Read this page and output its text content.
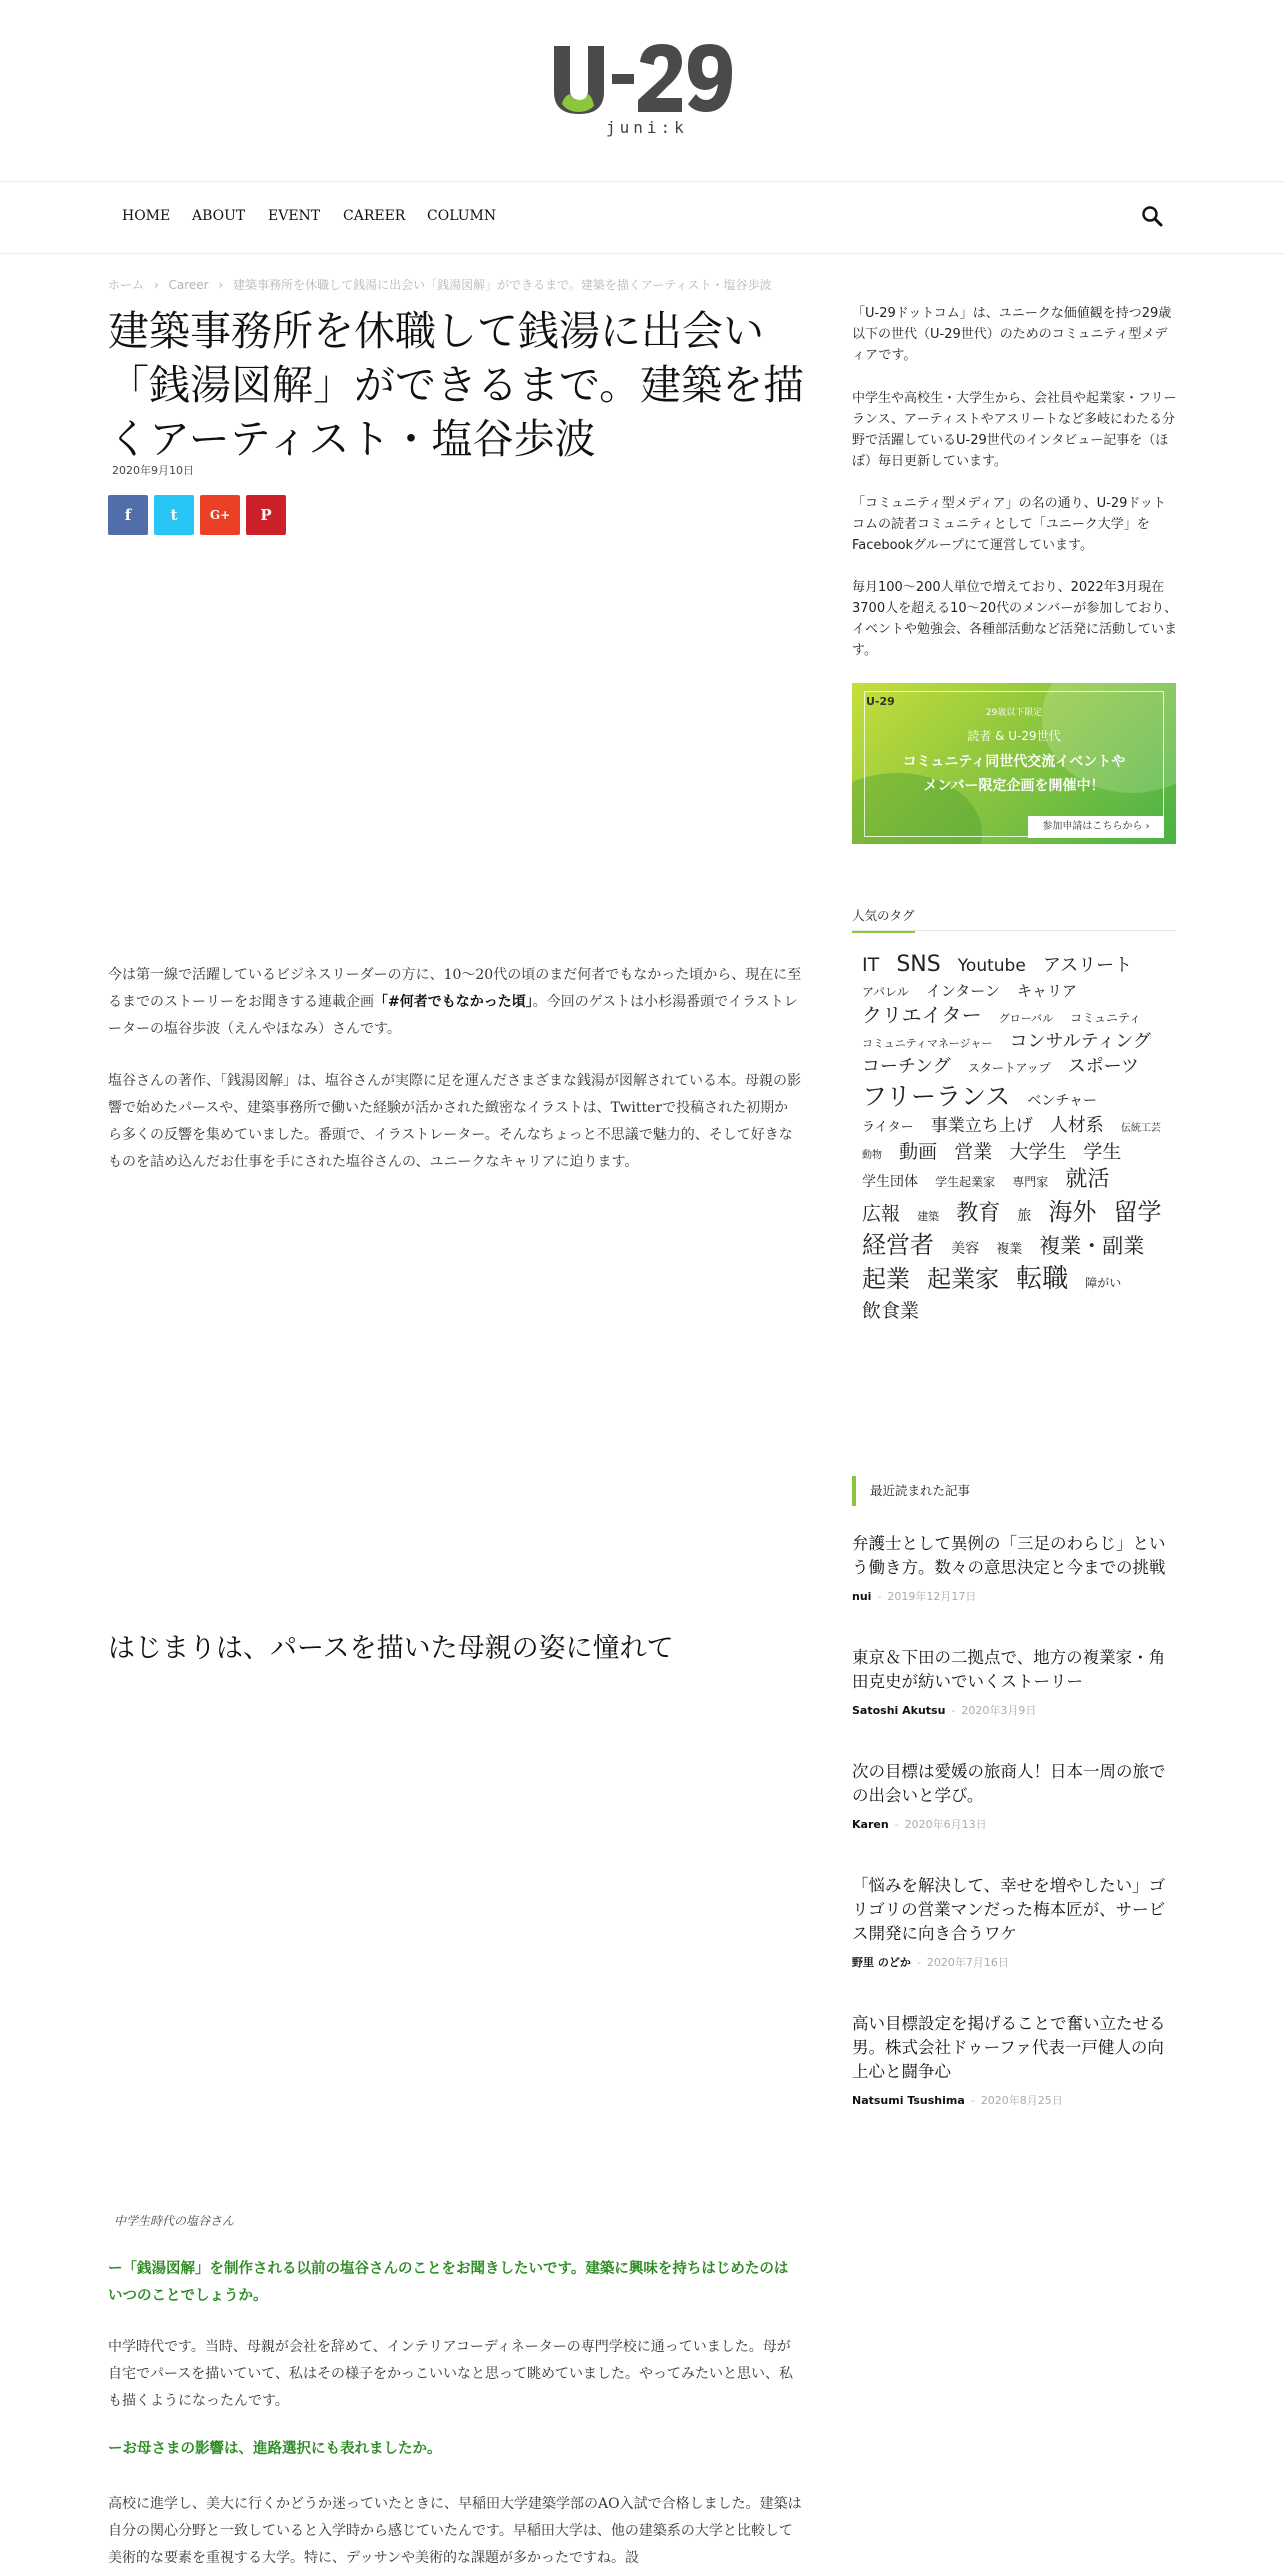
juni:k
HOME ABOUT EVENT CAREER COLUMN
ホーム › Career › 建築事務所を休職して銭湯に出会い「銭湯図解」ができるまで。建築を描くアーティスト・塩谷歩波
建築事務所を休職して銭湯に出会い「銭湯図解」ができるまで。建築を描くアーティスト・塩谷歩波
2020年9月10日
f	t	G+ P

今は第一線で活躍しているビジネスリーダーの方に、10～20代の頃のまだ何者でもなかった頃から、現在に至るまでのストーリーをお聞きする連載企画「#何者でもなかった頃」。今回のゲストは小杉湯番頭でイラストレーターの塩谷歩波（えんやほなみ）さんです。

塩谷さんの著作、「銭湯図解」は、塩谷さんが実際に足を運んださまざまな銭湯が図解されている本。母親の影響で始めたパースや、建築事務所で働いた経験が活かされた緻密なイラストは、Twitterで投稿された初期から多くの反響を集めていました。番頭で、イラストレーター。そんなちょっと不思議で魅力的、そして好きなものを詰め込んだお仕事を手にされた塩谷さんの、ユニークなキャリアに迫ります。

はじまりは、パースを描いた母親の姿に憧れて
中学生時代の塩谷さん

ー「銭湯図解」を制作される以前の塩谷さんのことをお聞きしたいです。建築に興味を持ちはじめたのはいつのことでしょうか。

中学時代です。当時、母親が会社を辞めて、インテリアコーディネーターの専門学校に通っていました。母が自宅でパースを描いていて、私はその様子をかっこいいなと思って眺めていました。やってみたいと思い、私も描くようになったんです。

ーお母さまの影響は、進路選択にも表れましたか。

高校に進学し、美大に行くかどうか迷っていたときに、早稲田大学建築学部のAO入試で合格しました。建築は自分の関心分野と一致していると入学時から感じていたんです。早稲田大学は、他の建築系の大学と比較して美術的な要素を重視する大学。特に、デッサンや美術的な課題が多かったですね。設

「U-29ドットコム」は、ユニークな価値観を持つ29歳以下の世代（U-29世代）のためのコミュニティ型メディアです。

中学生や高校生・大学生から、会社員や起業家・フリーランス、アーティストやアスリートなど多岐にわたる分野で活躍しているU-29世代のインタビュー記事を（ほぼ）毎日更新しています。

「コミュニティ型メディア」の名の通り、U-29ドットコムの読者コミュニティとして「ユニーク大学」をFacebookグループにて運営しています。

毎月100〜200人単位で増えており、2022年3月現在3700人を超える10〜20代のメンバーが参加しており、イベントや勉強会、各種部活動など活発に活動しています。

U-29
29歳以下限定
読者 & U-29世代
コミュニティ同世代交流イベントや
メンバー限定企画を開催中！
参加申請はこちらから ›
人気のタグ
IT SNS Youtube アスリート アパレル インターン キャリア クリエイター グローバル コミュニティ コミュニティマネージャー コンサルティング コーチング スタートアップ スポーツ フリーランス ベンチャー ライター 事業立ち上げ 人材系 伝統工芸 動物 動画 営業 大学生 学生 学生団体 学生起業家 専門家 就活 広報 建築 教育 旅 海外 留学 経営者 美容 複業 複業・副業 起業 起業家 転職 障がい 飲食業
最近読まれた記事
弁護士として異例の「三足のわらじ」という働き方。数々の意思決定と今までの挑戦
nui - 2019年12月17日
東京＆下田の二拠点で、地方の複業家・角田克史が紡いでいくストーリー
Satoshi Akutsu - 2020年3月9日
次の目標は愛媛の旅商人！日本一周の旅での出会いと学び。
Karen - 2020年6月13日
「悩みを解決して、幸せを増やしたい」ゴリゴリの営業マンだった梅本匠が、サービス開発に向き合うワケ
野里 のどか - 2020年7月16日
高い目標設定を掲げることで奮い立たせる男。株式会社ドゥーファ代表一戸健人の向上心と闘争心
Natsumi Tsushima - 2020年8月25日
